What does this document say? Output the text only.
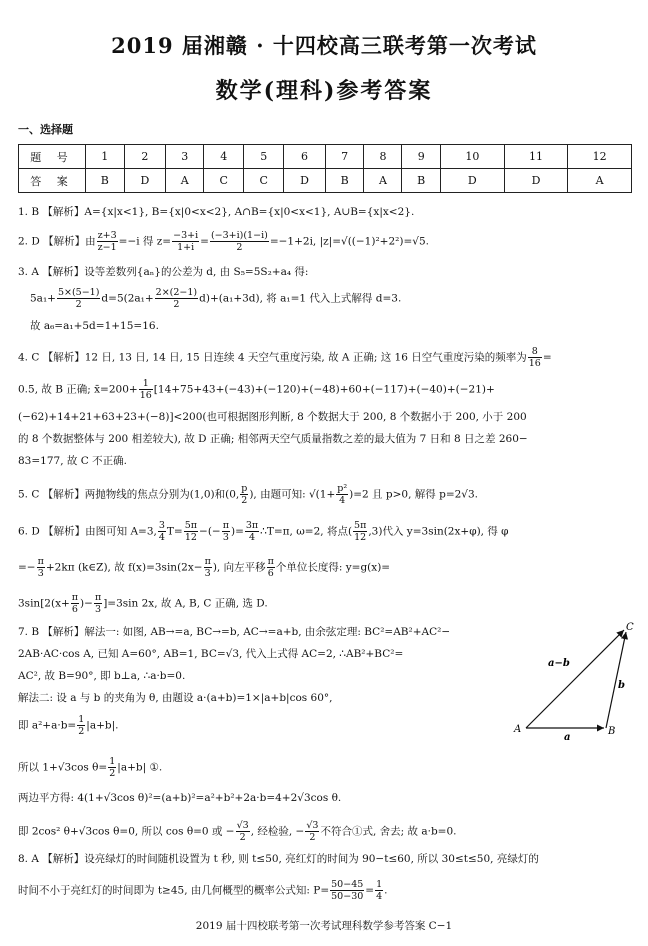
2019 届湘赣 · 十四校高三联考第一次考试
数学(理科)参考答案
一、选择题
题 号	1	2	3	4	5	6	7	8	9	10	11	12
答 案	B	D	A	C	C	D	B	A	B	D	D	A
1. B 【解析】A={x|x<1}, B={x|0<x<2}, A∩B={x|0<x<1}, A∪B={x|x<2}.
2. D 【解析】由 $\frac{z+3}{z-1} =-i$ 得 $z= \frac{-3+i}{1+i} = \frac{(-3+i)(1-i)}{2} =-1+2i$, |z|=√((−1)²+2²)=√5.
3. A 【解析】设等差数列{aₙ}的公差为 d, 由 S₅=5S₂+a₄ 得:
$5a_1+ \frac{5\times(5-1)}{2} d=5(2a_1+ \frac{2\times(2-1)}{2} d)+(a_1+3d)$, 将 a₁=1 代入上式解得 d=3.
故 a₆=a₁+5d=1+15=16.
4. C 【解析】12 日, 13 日, 14 日, 15 日连续 4 天空气重度污染, 故 A 正确; 这 16 日空气重度污染的频率为 $\frac{8}{16}$ =
0.5, 故 B 正确; x̄=200+ $\frac{1}{16} [14+75+43+(-43)+(-120)+(-48)+60+(-117)+(-40)+(-21)+$
(−62)+14+21+63+23+(−8)]<200(也可根据图形判断, 8 个数据大于 200, 8 个数据小于 200, 小于 200
的 8 个数据整体与 200 相差较大), 故 D 正确; 相邻两天空气质量指数之差的最大值为 7 日和 8 日之差 260−
83=177, 故 C 不正确.
5. C 【解析】两抛物线的焦点分别为(1,0)和(0, $\frac{p}{2}$ ), 由题可知: $√(1+ \frac{\text{p²}}{4} )=2$ 且 p>0, 解得 p=2√3.
6. D 【解析】由图可知 A=3, $\frac{3}{4} T= \frac{5\pi}{12}$ −(− $\frac{\pi}{3}$ )= $\frac{3\pi}{4}$ ∴T=π, ω=2, 将点( $\frac{5\pi}{12} ,3$)代入 y=3sin(2x+φ), 得 φ
=− $\frac{\pi}{3} +2k\pi$ (k∈Z), 故 $f(x)=3\sin(2x- \frac{\pi}{3}$ ), 向左平移 $\frac{\pi}{6}$ 个单位长度得: y=g(x)=
$3\sin[2(x+ \frac{\pi}{6}$ )− $\frac{\pi}{3} ]=3\sin$ 2x, 故 A, B, C 正确, 选 D.
7. B 【解析】解法一: 如图, AB→=a, BC→=b, AC→=a+b, 由余弦定理: BC²=AB²+AC²−
2AB·AC·cos A, 已知 A=60°, AB=1, BC=√3, 代入上式得 AC=2, ∴AB²+BC²=
AC², 故 B=90°, 即 b⊥a, ∴a·b=0.
解法二: 设 a 与 b 的夹角为 θ, 由题设 a·(a+b)=1×|a+b|cos 60°,
即 $a^2+a\cdot b= \frac{1}{2} |a+b|$.
所以 1+√3cos $\theta= \frac{1}{2} |a+b|$ ①.
两边平方得: 4(1+√3cos θ)²=(a+b)²=a²+b²+2a·b=4+2√3cos θ.
即 2cos² θ+√3cos θ=0, 所以 cos θ=0 或 − $\frac{√3}{2}$ , 经检验, − $\frac{√3}{2}$ 不符合①式, 舍去; 故 a·b=0.
A	B
C
a−b
b
a
8. A 【解析】设亮绿灯的时间随机设置为 t 秒, 则 t≤50, 亮红灯的时间为 90−t≤60, 所以 30≤t≤50, 亮绿灯的
时间不小于亮红灯的时间即为 t≥45, 由几何概型的概率公式知: $P= \frac{50-45}{50-30} = \frac{1}{4}$ .
2019 届十四校联考第一次考试理科数学参考答案 C−1
